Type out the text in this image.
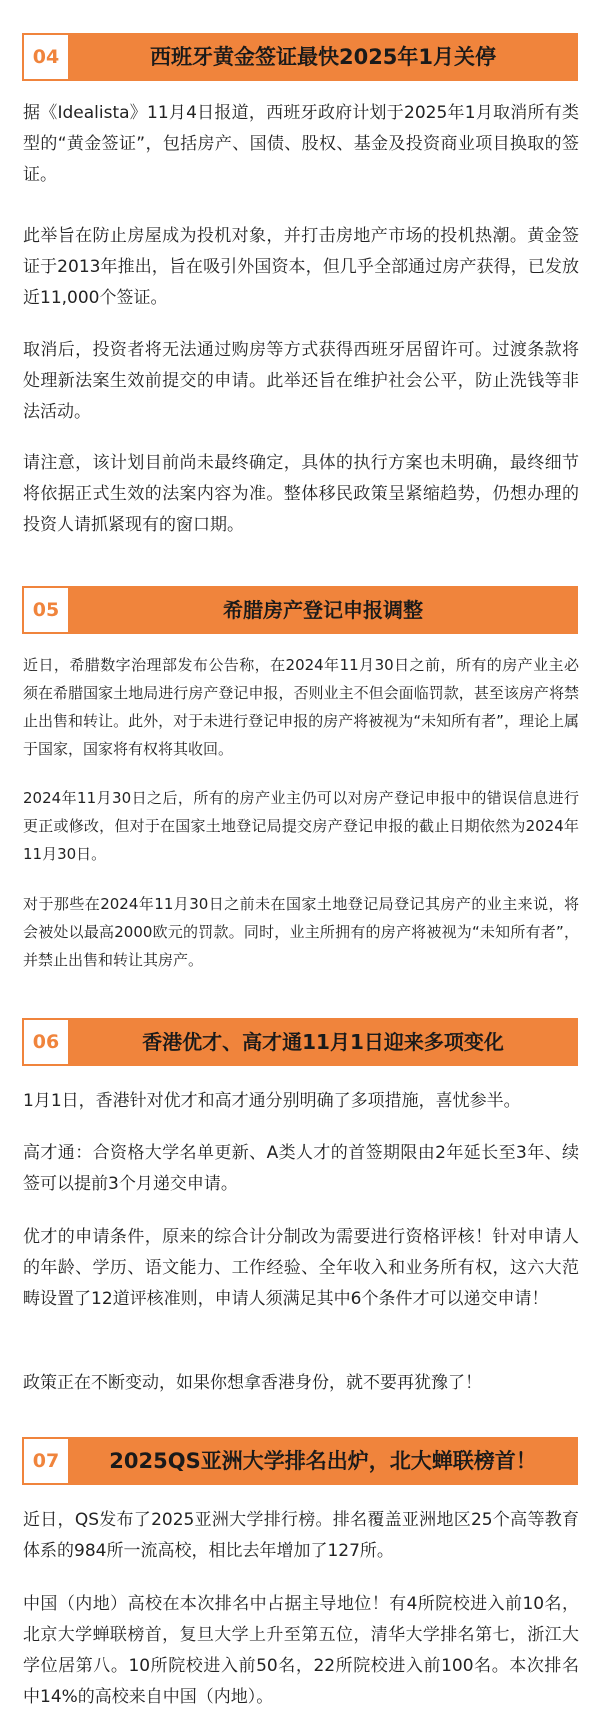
04	西班牙黄金签证最快2025年1月关停

据《Idealista》11月4日报道，西班牙政府计划于2025年1月取消所有类型的“黄金签证”，包括房产、国债、股权、基金及投资商业项目换取的签证。

此举旨在防止房屋成为投机对象，并打击房地产市场的投机热潮。黄金签证于2013年推出，旨在吸引外国资本，但几乎全部通过房产获得，已发放近11,000个签证。

取消后，投资者将无法通过购房等方式获得西班牙居留许可。过渡条款将处理新法案生效前提交的申请。此举还旨在维护社会公平，防止洗钱等非法活动。

请注意，该计划目前尚未最终确定，具体的执行方案也未明确，最终细节将依据正式生效的法案内容为准。整体移民政策呈紧缩趋势，仍想办理的投资人请抓紧现有的窗口期。

05	希腊房产登记申报调整

近日，希腊数字治理部发布公告称，在2024年11月30日之前，所有的房产业主必须在希腊国家土地局进行房产登记申报，否则业主不但会面临罚款，甚至该房产将禁止出售和转让。此外，对于未进行登记申报的房产将被视为“未知所有者”，理论上属于国家，国家将有权将其收回。

2024年11月30日之后，所有的房产业主仍可以对房产登记申报中的错误信息进行更正或修改，但对于在国家土地登记局提交房产登记申报的截止日期依然为2024年11月30日。

对于那些在2024年11月30日之前未在国家土地登记局登记其房产的业主来说，将会被处以最高2000欧元的罚款。同时，业主所拥有的房产将被视为“未知所有者”，并禁止出售和转让其房产。

06	香港优才、高才通11月1日迎来多项变化

1月1日，香港针对优才和高才通分别明确了多项措施，喜忧参半。

高才通：合资格大学名单更新、A类人才的首签期限由2年延长至3年、续签可以提前3个月递交申请。

优才的申请条件，原来的综合计分制改为需要进行资格评核！针对申请人的年龄、学历、语文能力、工作经验、全年收入和业务所有权，这六大范畴设置了12道评核准则，申请人须满足其中6个条件才可以递交申请！

政策正在不断变动，如果你想拿香港身份，就不要再犹豫了！

07	2025QS亚洲大学排名出炉，北大蝉联榜首！

近日，QS发布了2025亚洲大学排行榜。排名覆盖亚洲地区25个高等教育体系的984所一流高校，相比去年增加了127所。

中国（内地）高校在本次排名中占据主导地位！有4所院校进入前10名，北京大学蝉联榜首，复旦大学上升至第五位，清华大学排名第七，浙江大学位居第八。10所院校进入前50名，22所院校进入前100名。本次排名中14%的高校来自中国（内地）。
